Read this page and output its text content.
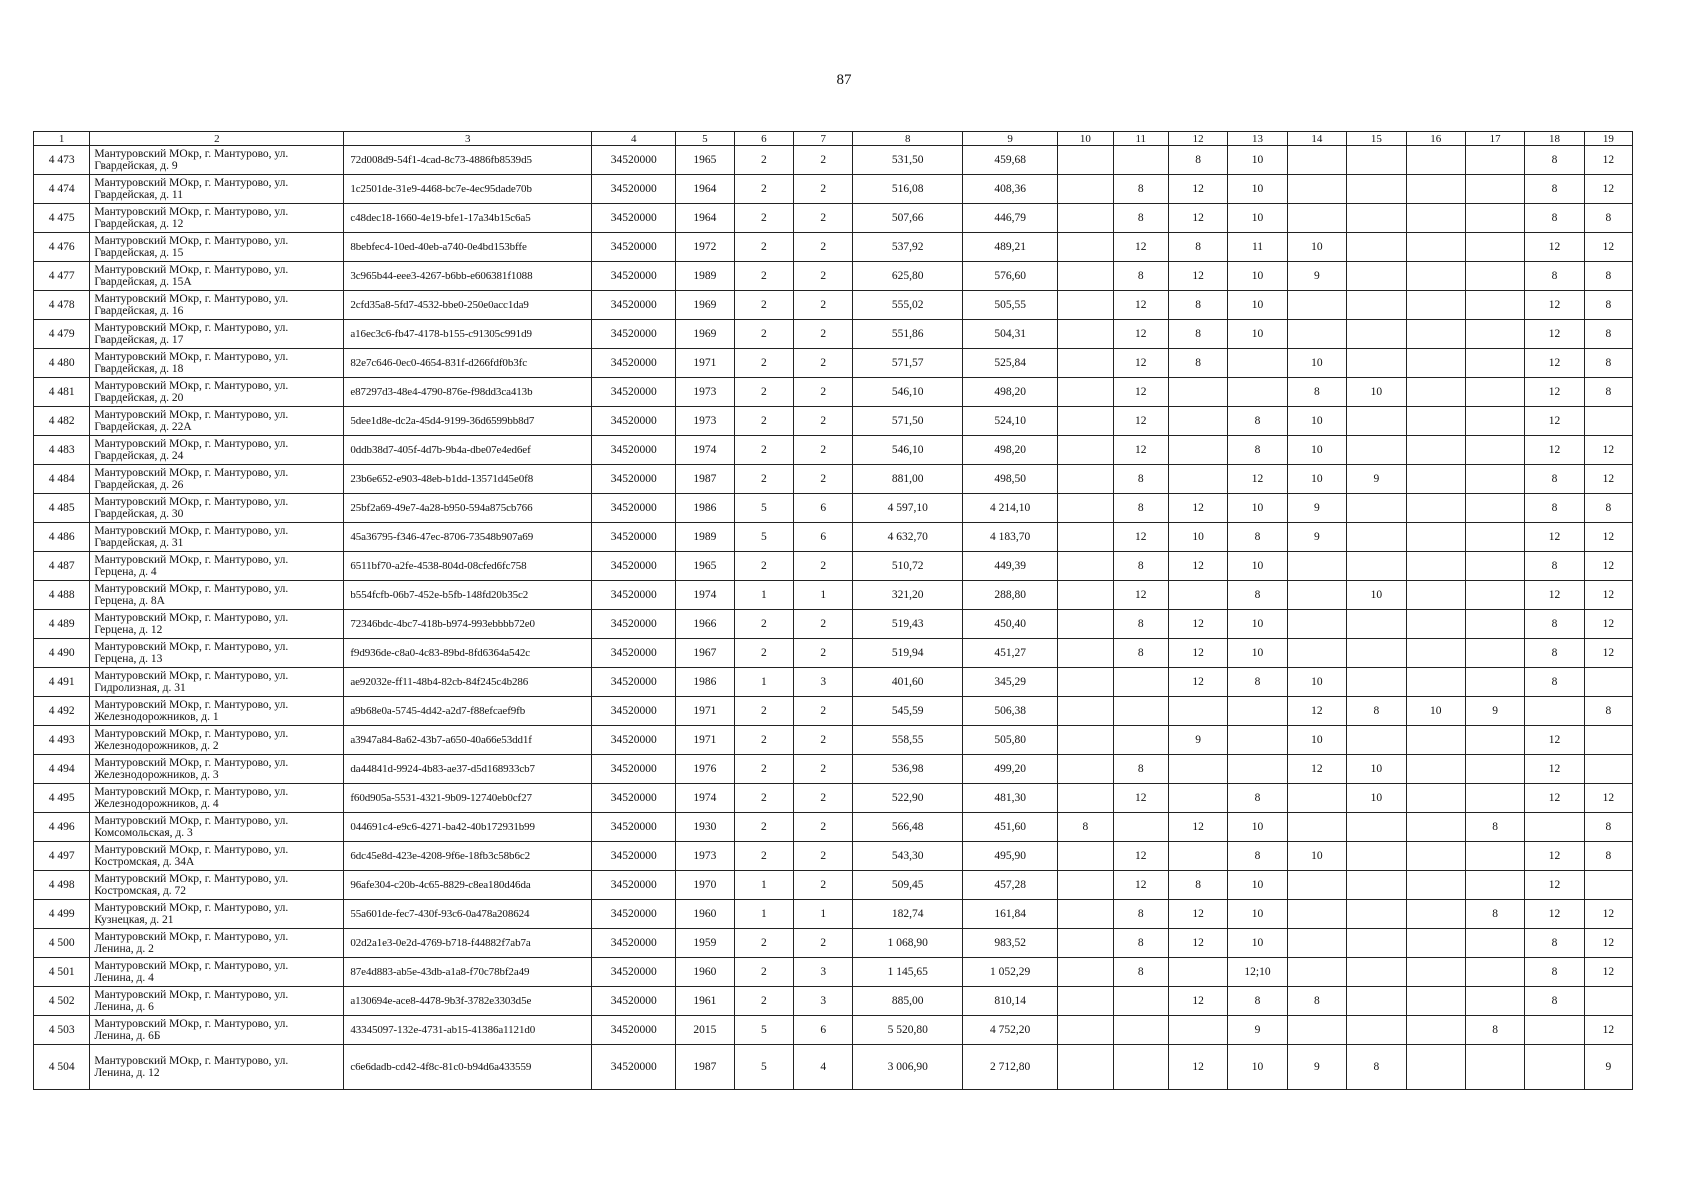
87
1	2	3	4	5	6	7	8	9	10	11	12	13	14	15	16	17	18	19
4 473	Мантуровский МОкр, г. Мантурово, ул.
Гвардейская, д. 9	72d008d9-54f1-4cad-8c73-4886fb8539d5	34520000	1965	2	2	531,50	459,68			8	10					8	12
4 474	Мантуровский МОкр, г. Мантурово, ул.
Гвардейская, д. 11	1c2501de-31e9-4468-bc7e-4ec95dade70b	34520000	1964	2	2	516,08	408,36		8	12	10					8	12
4 475	Мантуровский МОкр, г. Мантурово, ул.
Гвардейская, д. 12	c48dec18-1660-4e19-bfe1-17a34b15c6a5	34520000	1964	2	2	507,66	446,79		8	12	10					8	8
4 476	Мантуровский МОкр, г. Мантурово, ул.
Гвардейская, д. 15	8bebfec4-10ed-40eb-a740-0e4bd153bffe	34520000	1972	2	2	537,92	489,21		12	8	11	10				12	12
4 477	Мантуровский МОкр, г. Мантурово, ул.
Гвардейская, д. 15А	3c965b44-eee3-4267-b6bb-e606381f1088	34520000	1989	2	2	625,80	576,60		8	12	10	9				8	8
4 478	Мантуровский МОкр, г. Мантурово, ул.
Гвардейская, д. 16	2cfd35a8-5fd7-4532-bbe0-250e0acc1da9	34520000	1969	2	2	555,02	505,55		12	8	10					12	8
4 479	Мантуровский МОкр, г. Мантурово, ул.
Гвардейская, д. 17	a16ec3c6-fb47-4178-b155-c91305c991d9	34520000	1969	2	2	551,86	504,31		12	8	10					12	8
4 480	Мантуровский МОкр, г. Мантурово, ул.
Гвардейская, д. 18	82e7c646-0ec0-4654-831f-d266fdf0b3fc	34520000	1971	2	2	571,57	525,84		12	8		10				12	8
4 481	Мантуровский МОкр, г. Мантурово, ул.
Гвардейская, д. 20	e87297d3-48e4-4790-876e-f98dd3ca413b	34520000	1973	2	2	546,10	498,20		12			8	10			12	8
4 482	Мантуровский МОкр, г. Мантурово, ул.
Гвардейская, д. 22А	5dee1d8e-dc2a-45d4-9199-36d6599bb8d7	34520000	1973	2	2	571,50	524,10		12		8	10				12	
4 483	Мантуровский МОкр, г. Мантурово, ул.
Гвардейская, д. 24	0ddb38d7-405f-4d7b-9b4a-dbe07e4ed6ef	34520000	1974	2	2	546,10	498,20		12		8	10				12	12
4 484	Мантуровский МОкр, г. Мантурово, ул.
Гвардейская, д. 26	23b6e652-e903-48eb-b1dd-13571d45e0f8	34520000	1987	2	2	881,00	498,50		8		12	10	9			8	12
4 485	Мантуровский МОкр, г. Мантурово, ул.
Гвардейская, д. 30	25bf2a69-49e7-4a28-b950-594a875cb766	34520000	1986	5	6	4 597,10	4 214,10		8	12	10	9				8	8
4 486	Мантуровский МОкр, г. Мантурово, ул.
Гвардейская, д. 31	45a36795-f346-47ec-8706-73548b907a69	34520000	1989	5	6	4 632,70	4 183,70		12	10	8	9				12	12
4 487	Мантуровский МОкр, г. Мантурово, ул.
Герцена, д. 4	6511bf70-a2fe-4538-804d-08cfed6fc758	34520000	1965	2	2	510,72	449,39		8	12	10					8	12
4 488	Мантуровский МОкр, г. Мантурово, ул.
Герцена, д. 8А	b554fcfb-06b7-452e-b5fb-148fd20b35c2	34520000	1974	1	1	321,20	288,80		12		8		10			12	12
4 489	Мантуровский МОкр, г. Мантурово, ул.
Герцена, д. 12	72346bdc-4bc7-418b-b974-993ebbbb72e0	34520000	1966	2	2	519,43	450,40		8	12	10					8	12
4 490	Мантуровский МОкр, г. Мантурово, ул.
Герцена, д. 13	f9d936de-c8a0-4c83-89bd-8fd6364a542c	34520000	1967	2	2	519,94	451,27		8	12	10					8	12
4 491	Мантуровский МОкр, г. Мантурово, ул.
Гидролизная, д. 31	ae92032e-ff11-48b4-82cb-84f245c4b286	34520000	1986	1	3	401,60	345,29			12	8	10				8	
4 492	Мантуровский МОкр, г. Мантурово, ул.
Железнодорожников, д. 1	a9b68e0a-5745-4d42-a2d7-f88efcaef9fb	34520000	1971	2	2	545,59	506,38					12	8	10	9		8
4 493	Мантуровский МОкр, г. Мантурово, ул.
Железнодорожников, д. 2	a3947a84-8a62-43b7-a650-40a66e53dd1f	34520000	1971	2	2	558,55	505,80			9		10				12	
4 494	Мантуровский МОкр, г. Мантурово, ул.
Железнодорожников, д. 3	da44841d-9924-4b83-ae37-d5d168933cb7	34520000	1976	2	2	536,98	499,20		8			12	10			12	
4 495	Мантуровский МОкр, г. Мантурово, ул.
Железнодорожников, д. 4	f60d905a-5531-4321-9b09-12740eb0cf27	34520000	1974	2	2	522,90	481,30		12		8		10			12	12
4 496	Мантуровский МОкр, г. Мантурово, ул.
Комсомольская, д. 3	044691c4-e9c6-4271-ba42-40b172931b99	34520000	1930	2	2	566,48	451,60	8		12	10				8		8
4 497	Мантуровский МОкр, г. Мантурово, ул.
Костромская, д. 34А	6dc45e8d-423e-4208-9f6e-18fb3c58b6c2	34520000	1973	2	2	543,30	495,90		12		8	10				12	8
4 498	Мантуровский МОкр, г. Мантурово, ул.
Костромская, д. 72	96afe304-c20b-4c65-8829-c8ea180d46da	34520000	1970	1	2	509,45	457,28		12	8	10					12	
4 499	Мантуровский МОкр, г. Мантурово, ул.
Кузнецкая, д. 21	55a601de-fec7-430f-93c6-0a478a208624	34520000	1960	1	1	182,74	161,84		8	12	10				8	12	12
4 500	Мантуровский МОкр, г. Мантурово, ул.
Ленина, д. 2	02d2a1e3-0e2d-4769-b718-f44882f7ab7a	34520000	1959	2	2	1 068,90	983,52		8	12	10					8	12
4 501	Мантуровский МОкр, г. Мантурово, ул.
Ленина, д. 4	87e4d883-ab5e-43db-a1a8-f70c78bf2a49	34520000	1960	2	3	1 145,65	1 052,29		8		12;10					8	12
4 502	Мантуровский МОкр, г. Мантурово, ул.
Ленина, д. 6	a130694e-ace8-4478-9b3f-3782e3303d5e	34520000	1961	2	3	885,00	810,14			12	8	8				8	
4 503	Мантуровский МОкр, г. Мантурово, ул.
Ленина, д. 6Б	43345097-132e-4731-ab15-41386a1121d0	34520000	2015	5	6	5 520,80	4 752,20				9				8		12
4 504	Мантуровский МОкр, г. Мантурово, ул.
Ленина, д. 12	c6e6dadb-cd42-4f8c-81c0-b94d6a433559	34520000	1987	5	4	3 006,90	2 712,80			12	10	9	8				9
